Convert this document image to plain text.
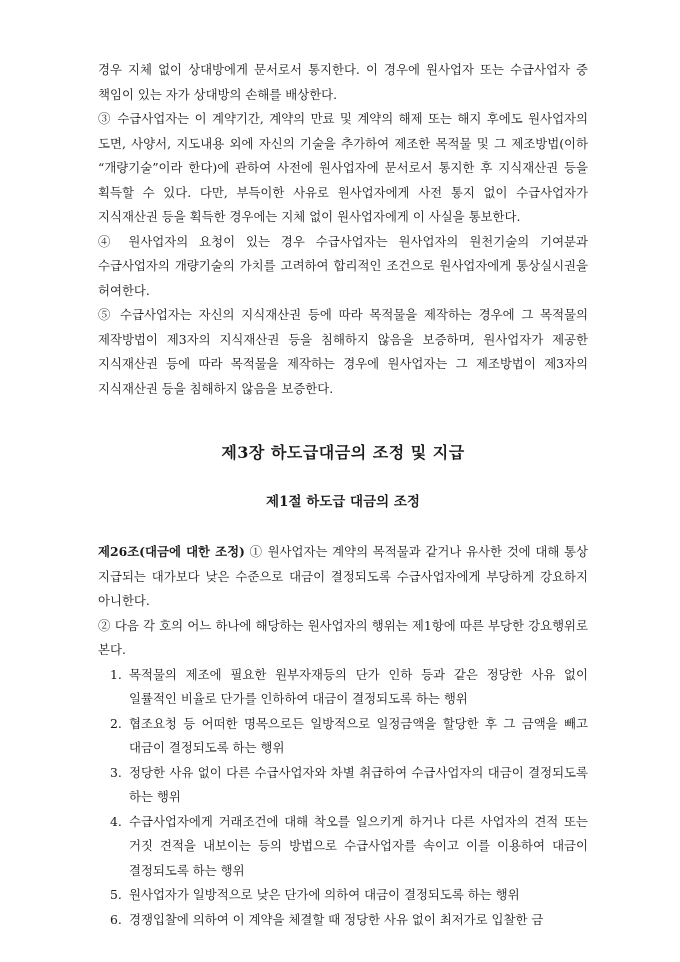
경우 지체 없이 상대방에게 문서로서 통지한다. 이 경우에 원사업자 또는 수급사업자 중 책임이 있는 자가 상대방의 손해를 배상한다.

③ 수급사업자는 이 계약기간, 계약의 만료 및 계약의 해제 또는 해지 후에도 원사업자의 도면, 사양서, 지도내용 외에 자신의 기술을 추가하여 제조한 목적물 및 그 제조방법(이하 “개량기술”이라 한다)에 관하여 사전에 원사업자에 문서로서 통지한 후 지식재산권 등을 획득할 수 있다. 다만, 부득이한 사유로 원사업자에게 사전 통지 없이 수급사업자가 지식재산권 등을 획득한 경우에는 지체 없이 원사업자에게 이 사실을 통보한다.

④ 원사업자의 요청이 있는 경우 수급사업자는 원사업자의 원천기술의 기여분과 수급사업자의 개량기술의 가치를 고려하여 합리적인 조건으로 원사업자에게 통상실시권을 허여한다.

⑤ 수급사업자는 자신의 지식재산권 등에 따라 목적물을 제작하는 경우에 그 목적물의 제작방법이 제3자의 지식재산권 등을 침해하지 않음을 보증하며, 원사업자가 제공한 지식재산권 등에 따라 목적물을 제작하는 경우에 원사업자는 그 제조방법이 제3자의 지식재산권 등을 침해하지 않음을 보증한다.

제3장 하도급대금의 조정 및 지급
제1절 하도급 대금의 조정

제26조(대금에 대한 조정) ① 원사업자는 계약의 목적물과 같거나 유사한 것에 대해 통상 지급되는 대가보다 낮은 수준으로 대금이 결정되도록 수급사업자에게 부당하게 강요하지 아니한다.

② 다음 각 호의 어느 하나에 해당하는 원사업자의 행위는 제1항에 따른 부당한 강요행위로 본다.

1. 목적물의 제조에 필요한 원부자재등의 단가 인하 등과 같은 정당한 사유 없이 일률적인 비율로 단가를 인하하여 대금이 결정되도록 하는 행위
2. 협조요청 등 어떠한 명목으로든 일방적으로 일정금액을 할당한 후 그 금액을 빼고 대금이 결정되도록 하는 행위
3. 정당한 사유 없이 다른 수급사업자와 차별 취급하여 수급사업자의 대금이 결정되도록 하는 행위
4. 수급사업자에게 거래조건에 대해 착오를 일으키게 하거나 다른 사업자의 견적 또는 거짓 견적을 내보이는 등의 방법으로 수급사업자를 속이고 이를 이용하여 대금이 결정되도록 하는 행위
5. 원사업자가 일방적으로 낮은 단가에 의하여 대금이 결정되도록 하는 행위
6. 경쟁입찰에 의하여 이 계약을 체결할 때 정당한 사유 없이 최저가로 입찰한 금
